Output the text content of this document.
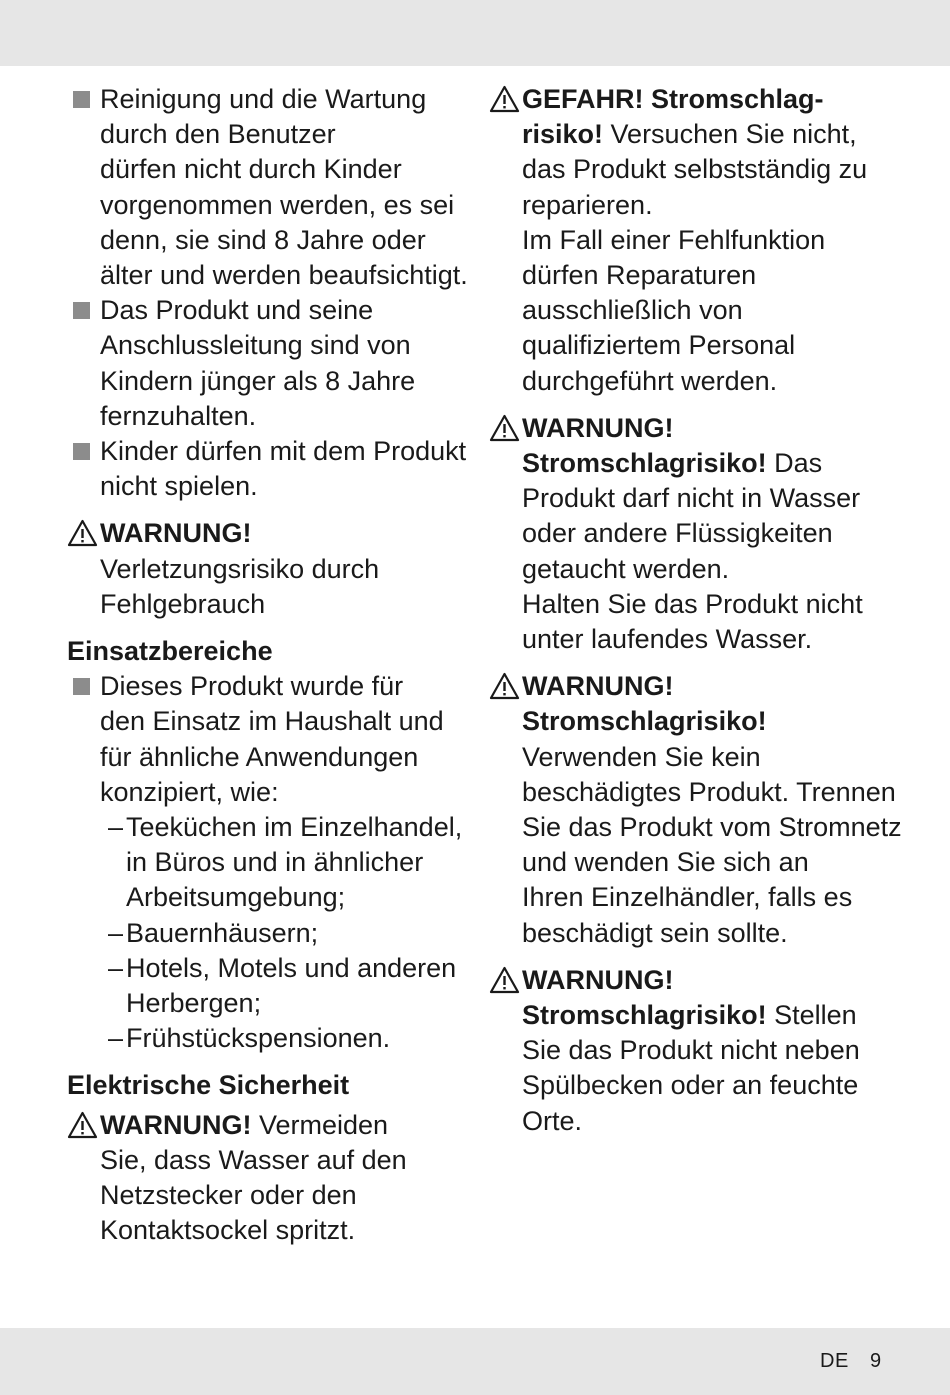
Reinigung und die Wartung
durch den Benutzer
dürfen nicht durch Kinder
vorgenommen werden, es sei
denn, sie sind 8 Jahre oder
älter und werden beaufsichtigt.
Das Produkt und seine
Anschlussleitung sind von
Kindern jünger als 8 Jahre
fernzuhalten.
Kinder dürfen mit dem Produkt
nicht spielen.
WARNUNG!
Verletzungsrisiko durch
Fehlgebrauch
Einsatzbereiche
Dieses Produkt wurde für
den Einsatz im Haushalt und
für ähnliche Anwendungen
konzipiert, wie:
– Teeküchen im Einzelhandel,
in Büros und in ähnlicher
Arbeitsumgebung;
– Bauernhäusern;
– Hotels, Motels und anderen
Herbergen;
– Frühstückspensionen.
Elektrische Sicherheit
WARNUNG! Vermeiden
Sie, dass Wasser auf den
Netzstecker oder den
Kontaktsockel spritzt.
GEFAHR! Stromschlag-
risiko! Versuchen Sie nicht,
das Produkt selbstständig zu
reparieren.
Im Fall einer Fehlfunktion
dürfen Reparaturen
ausschließlich von
qualifiziertem Personal
durchgeführt werden.
WARNUNG!
Stromschlagrisiko! Das
Produkt darf nicht in Wasser
oder andere Flüssigkeiten
getaucht werden.
Halten Sie das Produkt nicht
unter laufendes Wasser.
WARNUNG!
Stromschlagrisiko!
Verwenden Sie kein
beschädigtes Produkt. Trennen
Sie das Produkt vom Stromnetz
und wenden Sie sich an
Ihren Einzelhändler, falls es
beschädigt sein sollte.
WARNUNG!
Stromschlagrisiko! Stellen
Sie das Produkt nicht neben
Spülbecken oder an feuchte
Orte.
DE 9
